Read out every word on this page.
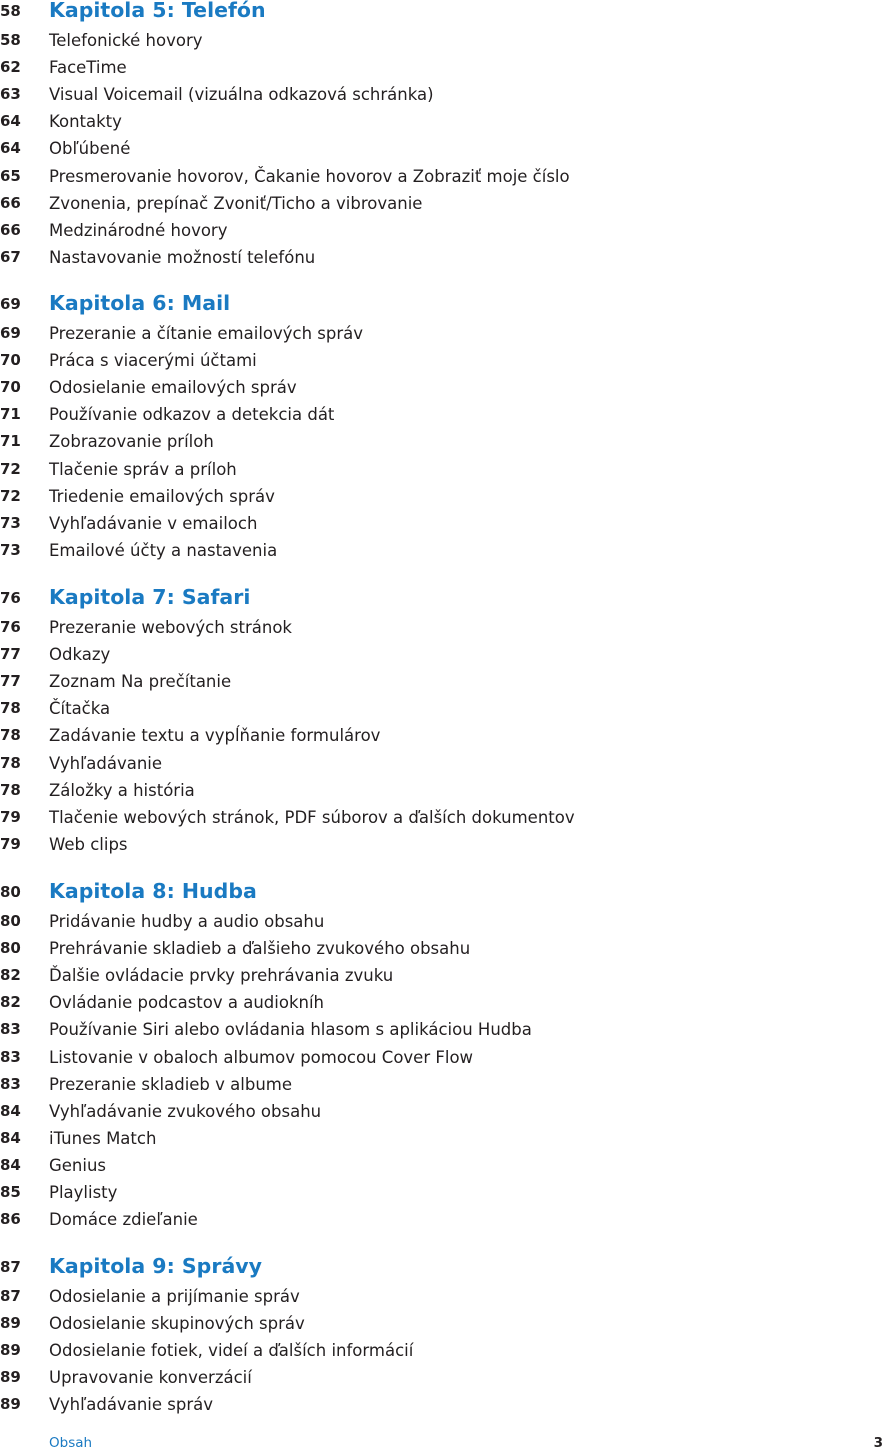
58	Kapitola 5: Telefón
58	Telefonické hovory
62	FaceTime
63	Visual Voicemail (vizuálna odkazová schránka)
64	Kontakty
64	Obľúbené
65	Presmerovanie hovorov, Čakanie hovorov a Zobraziť moje číslo
66	Zvonenia, prepínač Zvoniť/Ticho a vibrovanie
66	Medzinárodné hovory
67	Nastavovanie možností telefónu
69	Kapitola 6: Mail
69	Prezeranie a čítanie emailových správ
70	Práca s viacerými účtami
70	Odosielanie emailových správ
71	Používanie odkazov a detekcia dát
71	Zobrazovanie príloh
72	Tlačenie správ a príloh
72	Triedenie emailových správ
73	Vyhľadávanie v emailoch
73	Emailové účty a nastavenia
76	Kapitola 7: Safari
76	Prezeranie webových stránok
77	Odkazy
77	Zoznam Na prečítanie
78	Čítačka
78	Zadávanie textu a vypĺňanie formulárov
78	Vyhľadávanie
78	Záložky a história
79	Tlačenie webových stránok, PDF súborov a ďalších dokumentov
79	Web clips
80	Kapitola 8: Hudba
80	Pridávanie hudby a audio obsahu
80	Prehrávanie skladieb a ďalšieho zvukového obsahu
82	Ďalšie ovládacie prvky prehrávania zvuku
82	Ovládanie podcastov a audiokníh
83	Používanie Siri alebo ovládania hlasom s aplikáciou Hudba
83	Listovanie v obaloch albumov pomocou Cover Flow
83	Prezeranie skladieb v albume
84	Vyhľadávanie zvukového obsahu
84	iTunes Match
84	Genius
85	Playlisty
86	Domáce zdieľanie
87	Kapitola 9: Správy
87	Odosielanie a prijímanie správ
89	Odosielanie skupinových správ
89	Odosielanie fotiek, videí a ďalších informácií
89	Upravovanie konverzácií
89	Vyhľadávanie správ
Obsah	3
